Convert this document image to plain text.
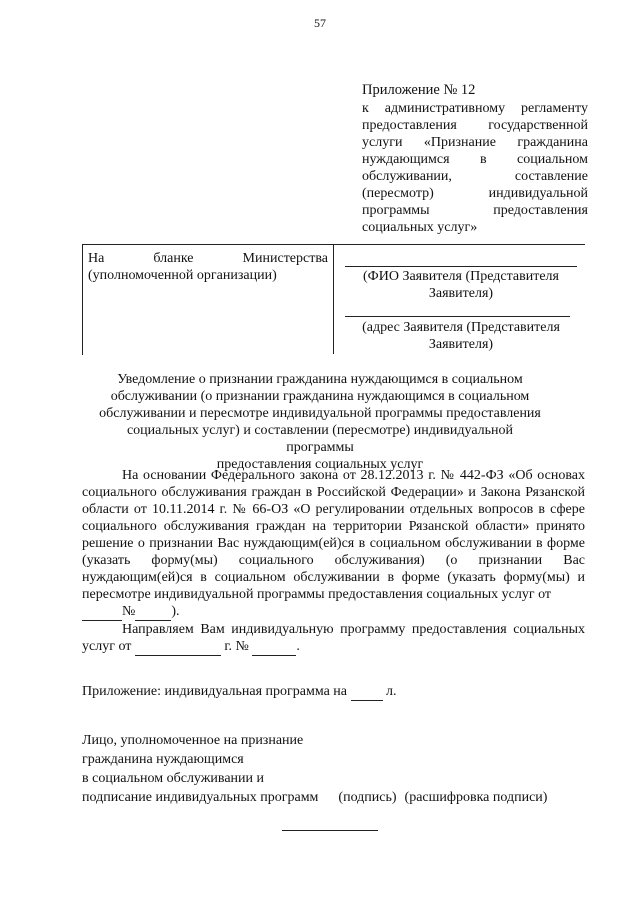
57
Приложение № 12
к административному регламенту предоставления государственной услуги «Признание гражданина нуждающимся в социальном обслуживании, составление (пересмотр) индивидуальной программы предоставления социальных услуг»
На бланке Министерства
(уполномоченной организации)	(ФИО Заявителя (Представителя
Заявителя)
(адрес Заявителя (Представителя
Заявителя)
Уведомление о признании гражданина нуждающимся в социальном
обслуживании (о признании гражданина нуждающимся в социальном
обслуживании и пересмотре индивидуальной программы предоставления
социальных услуг) и составлении (пересмотре) индивидуальной программы
предоставления социальных услуг

На основании Федерального закона от 28.12.2013 г. № 442-ФЗ «Об основах социального обслуживания граждан в Российской Федерации» и Закона Рязанской области от 10.11.2014 г. № 66-ОЗ «О регулировании отдельных вопросов в сфере социального обслуживания граждан на территории Рязанской области» принято решение о признании Вас нуждающим(ей)ся в социальном обслуживании в форме (указать форму(мы) социального обслуживания) (о признании Вас нуждающим(ей)ся в социальном обслуживании в форме (указать форму(мы) и пересмотре индивидуальной программы предоставления социальных услуг от

№	).

Направляем Вам индивидуальную программу предоставления социальных услуг от	г. №	.

Приложение: индивидуальная программа на	л.
Лицо, уполномоченное на признание
гражданина нуждающимся
в социальном обслуживании и
подписание индивидуальных программ (подпись) (расшифровка подписи)
